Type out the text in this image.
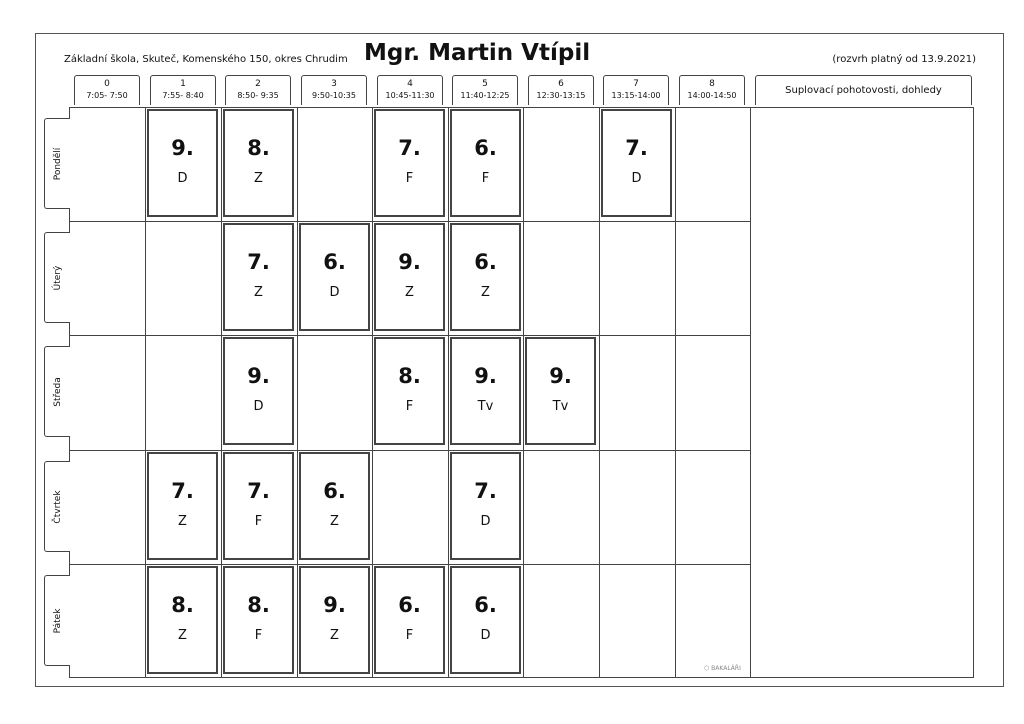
Základní škola, Skuteč, Komenského 150, okres Chrudim Mgr. Martin Vtípil	(rozvrh platný od 13.9.2021)
0
7:05- 7:50
1
7:55- 8:40
2
8:50- 9:35
3
9:50-10:35
4
10:45-11:30
5
11:40-12:25
6
12:30-13:15
7
13:15-14:00
8
14:00-14:50	Suplovací pohotovosti, dohledy
Pondělí
Úterý
Středa
Čtvrtek
Pátek
9.
D
8.
Z
7.
F
6.
F
7.
D
7.
Z
6.
D
9.
Z
6.
Z
9.
D
8.
F
9.
Tv
9.
Tv
7.
Z
7.
F
6.
Z
7.
D
8.
Z
8.
F
9.
Z
6.
F
6.
D
⬡ BAKALÁŘI
